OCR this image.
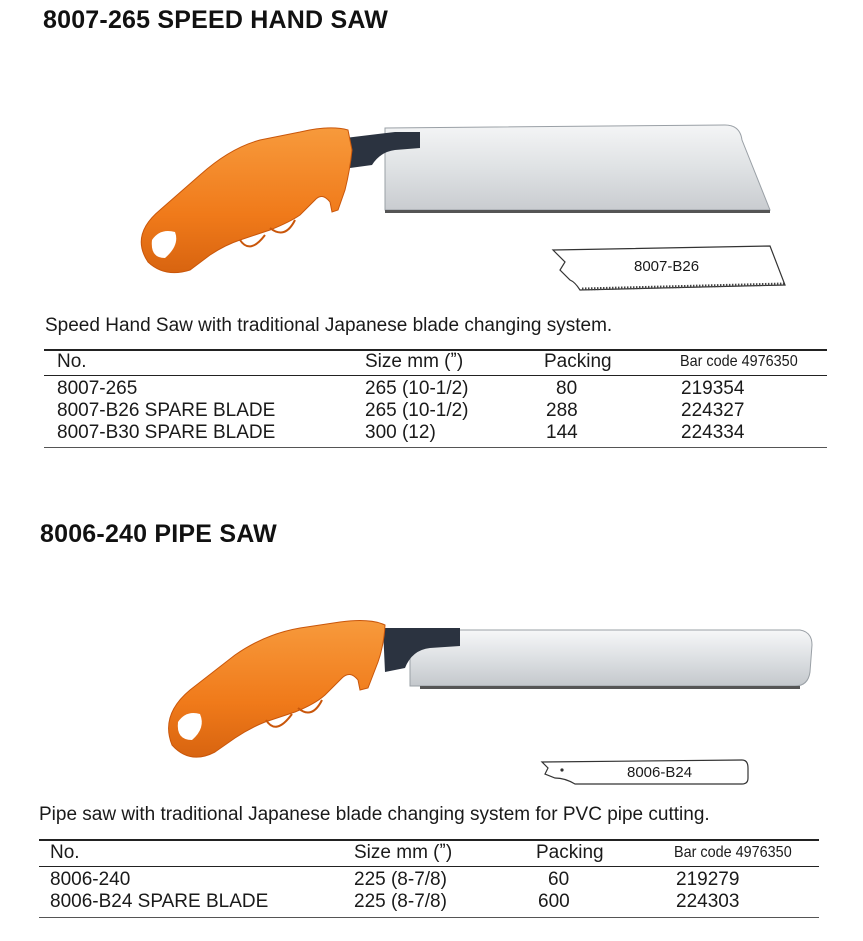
8007-265 SPEED HAND SAW
8007-B26
Speed Hand Saw with traditional Japanese blade changing system.
No.	Size mm (ˮ)	Packing	Bar code 4976350
8007-265	265 (10-1/2)	80	219354
8007-B26 SPARE BLADE	265 (10-1/2)	288	224327
8007-B30 SPARE BLADE	300 (12)	144	224334
8006-240 PIPE SAW
8006-B24
Pipe saw with traditional Japanese blade changing system for PVC pipe cutting.
No.	Size mm (ˮ)	Packing	Bar code 4976350
8006-240	225 (8-7/8)	60	219279
8006-B24 SPARE BLADE	225 (8-7/8)	600	224303
